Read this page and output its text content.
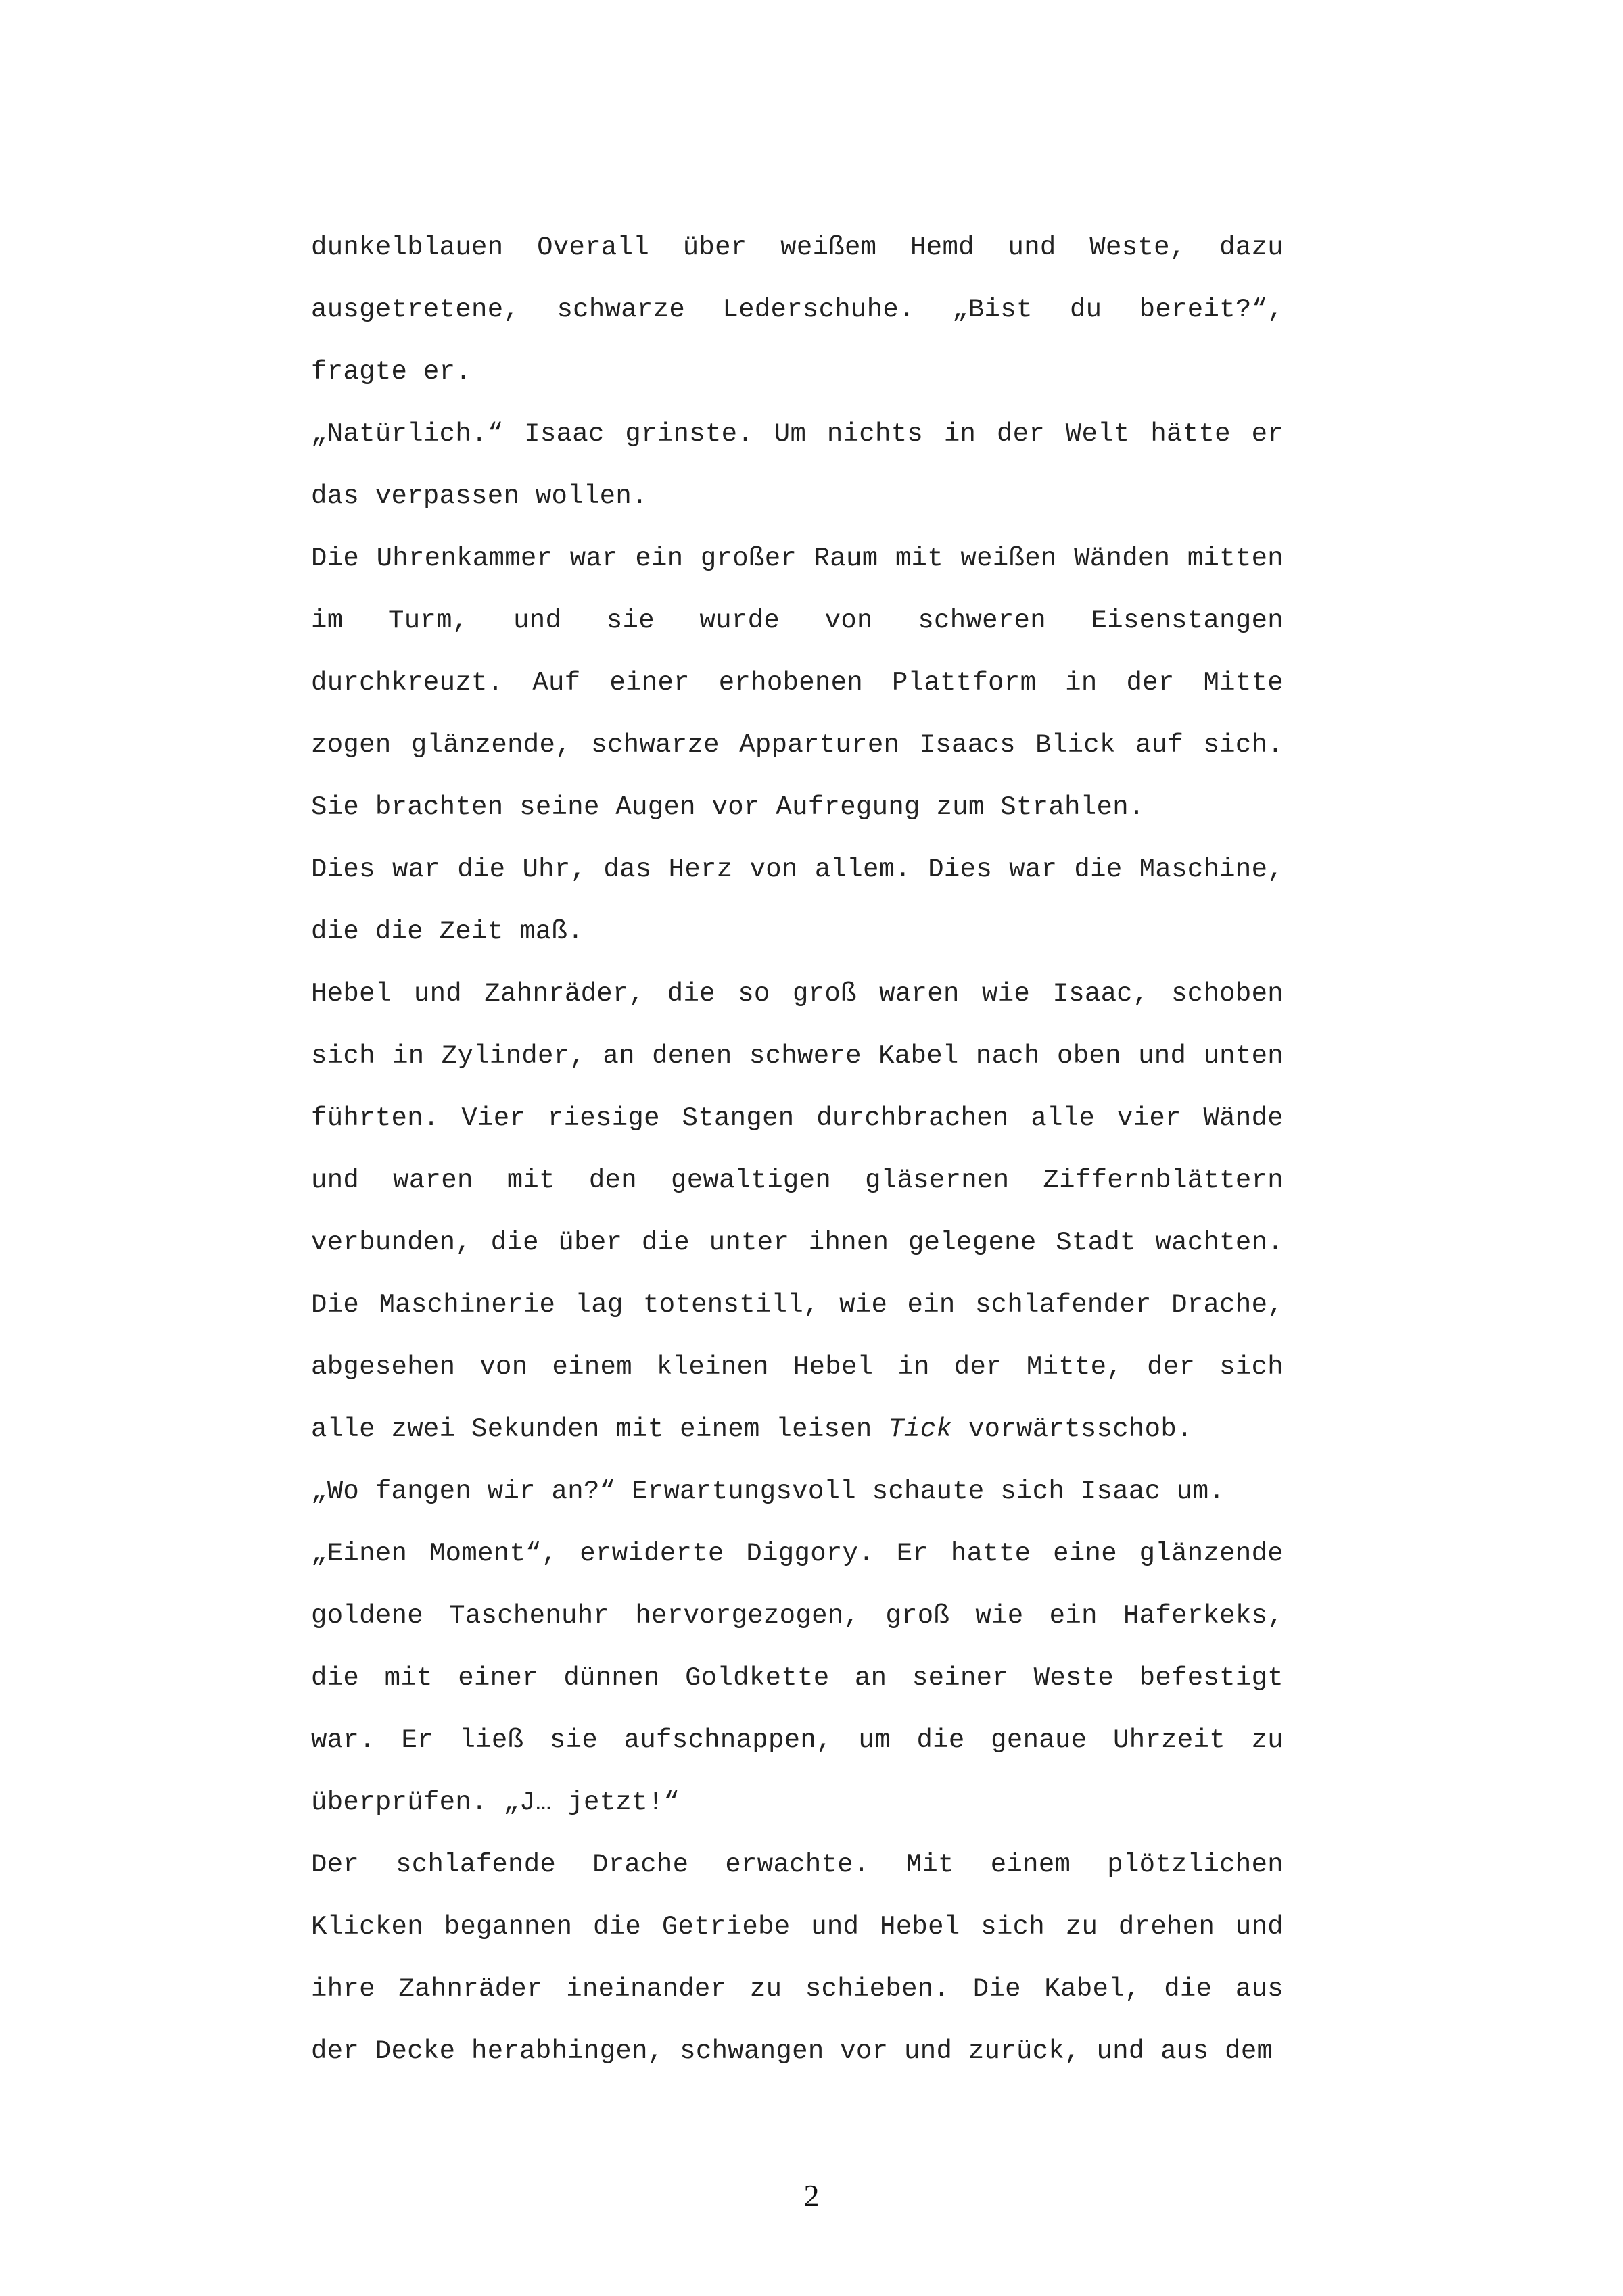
dunkelblauen Overall über weißem Hemd und Weste, dazu ausgetretene, schwarze Lederschuhe. „Bist du bereit?“, fragte er.

„Natürlich.“ Isaac grinste. Um nichts in der Welt hätte er das verpassen wollen.

Die Uhrenkammer war ein großer Raum mit weißen Wänden mitten im Turm, und sie wurde von schweren Eisenstangen durchkreuzt. Auf einer erhobenen Plattform in der Mitte zogen glänzende, schwarze Apparturen Isaacs Blick auf sich. Sie brachten seine Augen vor Aufregung zum Strahlen.

Dies war die Uhr, das Herz von allem. Dies war die Maschine, die die Zeit maß.

Hebel und Zahnräder, die so groß waren wie Isaac, schoben sich in Zylinder, an denen schwere Kabel nach oben und unten führten. Vier riesige Stangen durchbrachen alle vier Wände und waren mit den gewaltigen gläsernen Ziffernblättern verbunden, die über die unter ihnen gelegene Stadt wachten. Die Maschinerie lag totenstill, wie ein schlafender Drache, abgesehen von einem kleinen Hebel in der Mitte, der sich alle zwei Sekunden mit einem leisen Tick vorwärtsschob.

„Wo fangen wir an?“ Erwartungsvoll schaute sich Isaac um.

„Einen Moment“, erwiderte Diggory. Er hatte eine glänzende goldene Taschenuhr hervorgezogen, groß wie ein Haferkeks, die mit einer dünnen Goldkette an seiner Weste befestigt war. Er ließ sie aufschnappen, um die genaue Uhrzeit zu überprüfen. „J… jetzt!“

Der schlafende Drache erwachte. Mit einem plötzlichen Klicken begannen die Getriebe und Hebel sich zu drehen und ihre Zahnräder ineinander zu schieben. Die Kabel, die aus der Decke herabhingen, schwangen vor und zurück, und aus dem

2
